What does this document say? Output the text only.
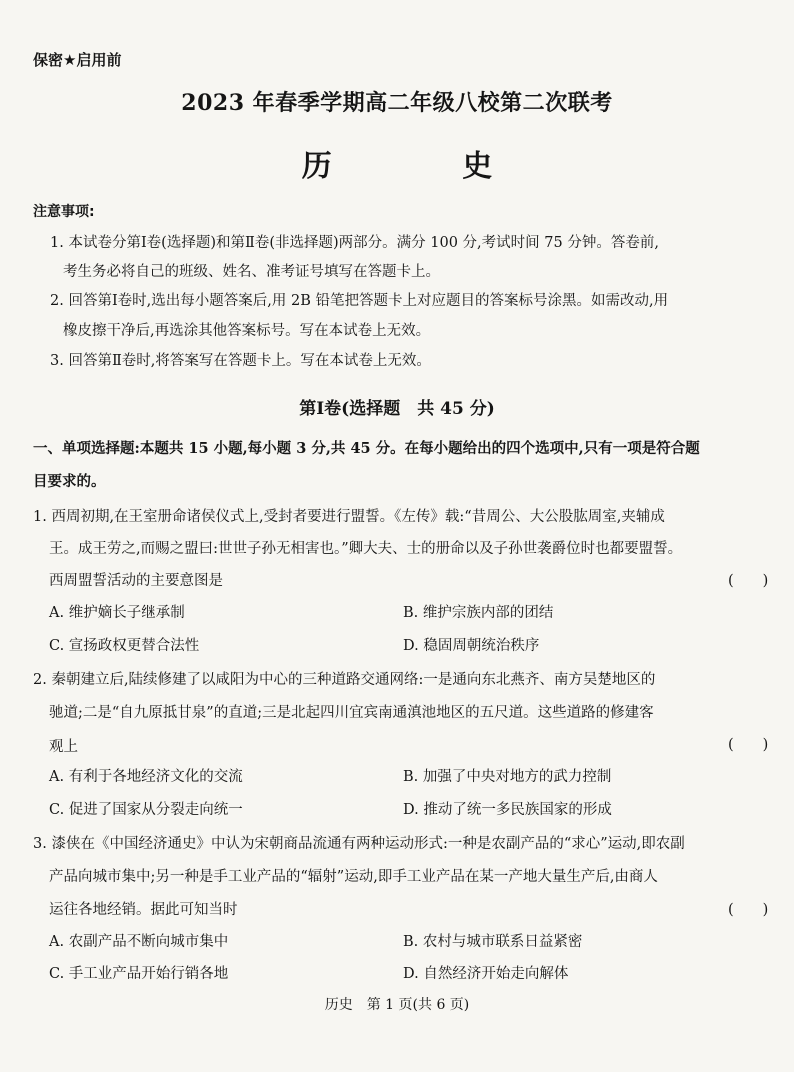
保密★启用前
2023 年春季学期高二年级八校第二次联考
历 史
注意事项:
1. 本试卷分第Ⅰ卷(选择题)和第Ⅱ卷(非选择题)两部分。满分 100 分,考试时间 75 分钟。答卷前,
考生务必将自己的班级、姓名、准考证号填写在答题卡上。
2. 回答第Ⅰ卷时,选出每小题答案后,用 2B 铅笔把答题卡上对应题目的答案标号涂黑。如需改动,用
橡皮擦干净后,再选涂其他答案标号。写在本试卷上无效。
3. 回答第Ⅱ卷时,将答案写在答题卡上。写在本试卷上无效。
第Ⅰ卷(选择题　共 45 分)
一、单项选择题:本题共 15 小题,每小题 3 分,共 45 分。在每小题给出的四个选项中,只有一项是符合题
目要求的。
1. 西周初期,在王室册命诸侯仪式上,受封者要进行盟誓。《左传》载:“昔周公、大公股肱周室,夹辅成
王。成王劳之,而赐之盟曰:世世子孙无相害也。”卿大夫、士的册命以及子孙世袭爵位时也都要盟誓。
西周盟誓活动的主要意图是	(　　)
A. 维护嫡长子继承制	B. 维护宗族内部的团结
C. 宣扬政权更替合法性	D. 稳固周朝统治秩序
2. 秦朝建立后,陆续修建了以咸阳为中心的三种道路交通网络:一是通向东北燕齐、南方吴楚地区的
驰道;二是“自九原抵甘泉”的直道;三是北起四川宜宾南通滇池地区的五尺道。这些道路的修建客
观上	(　　)
A. 有利于各地经济文化的交流	B. 加强了中央对地方的武力控制
C. 促进了国家从分裂走向统一	D. 推动了统一多民族国家的形成
3. 漆侠在《中国经济通史》中认为宋朝商品流通有两种运动形式:一种是农副产品的“求心”运动,即农副
产品向城市集中;另一种是手工业产品的“辐射”运动,即手工业产品在某一产地大量生产后,由商人
运往各地经销。据此可知当时	(　　)
A. 农副产品不断向城市集中	B. 农村与城市联系日益紧密
C. 手工业产品开始行销各地	D. 自然经济开始走向解体
历史　第 1 页(共 6 页)
